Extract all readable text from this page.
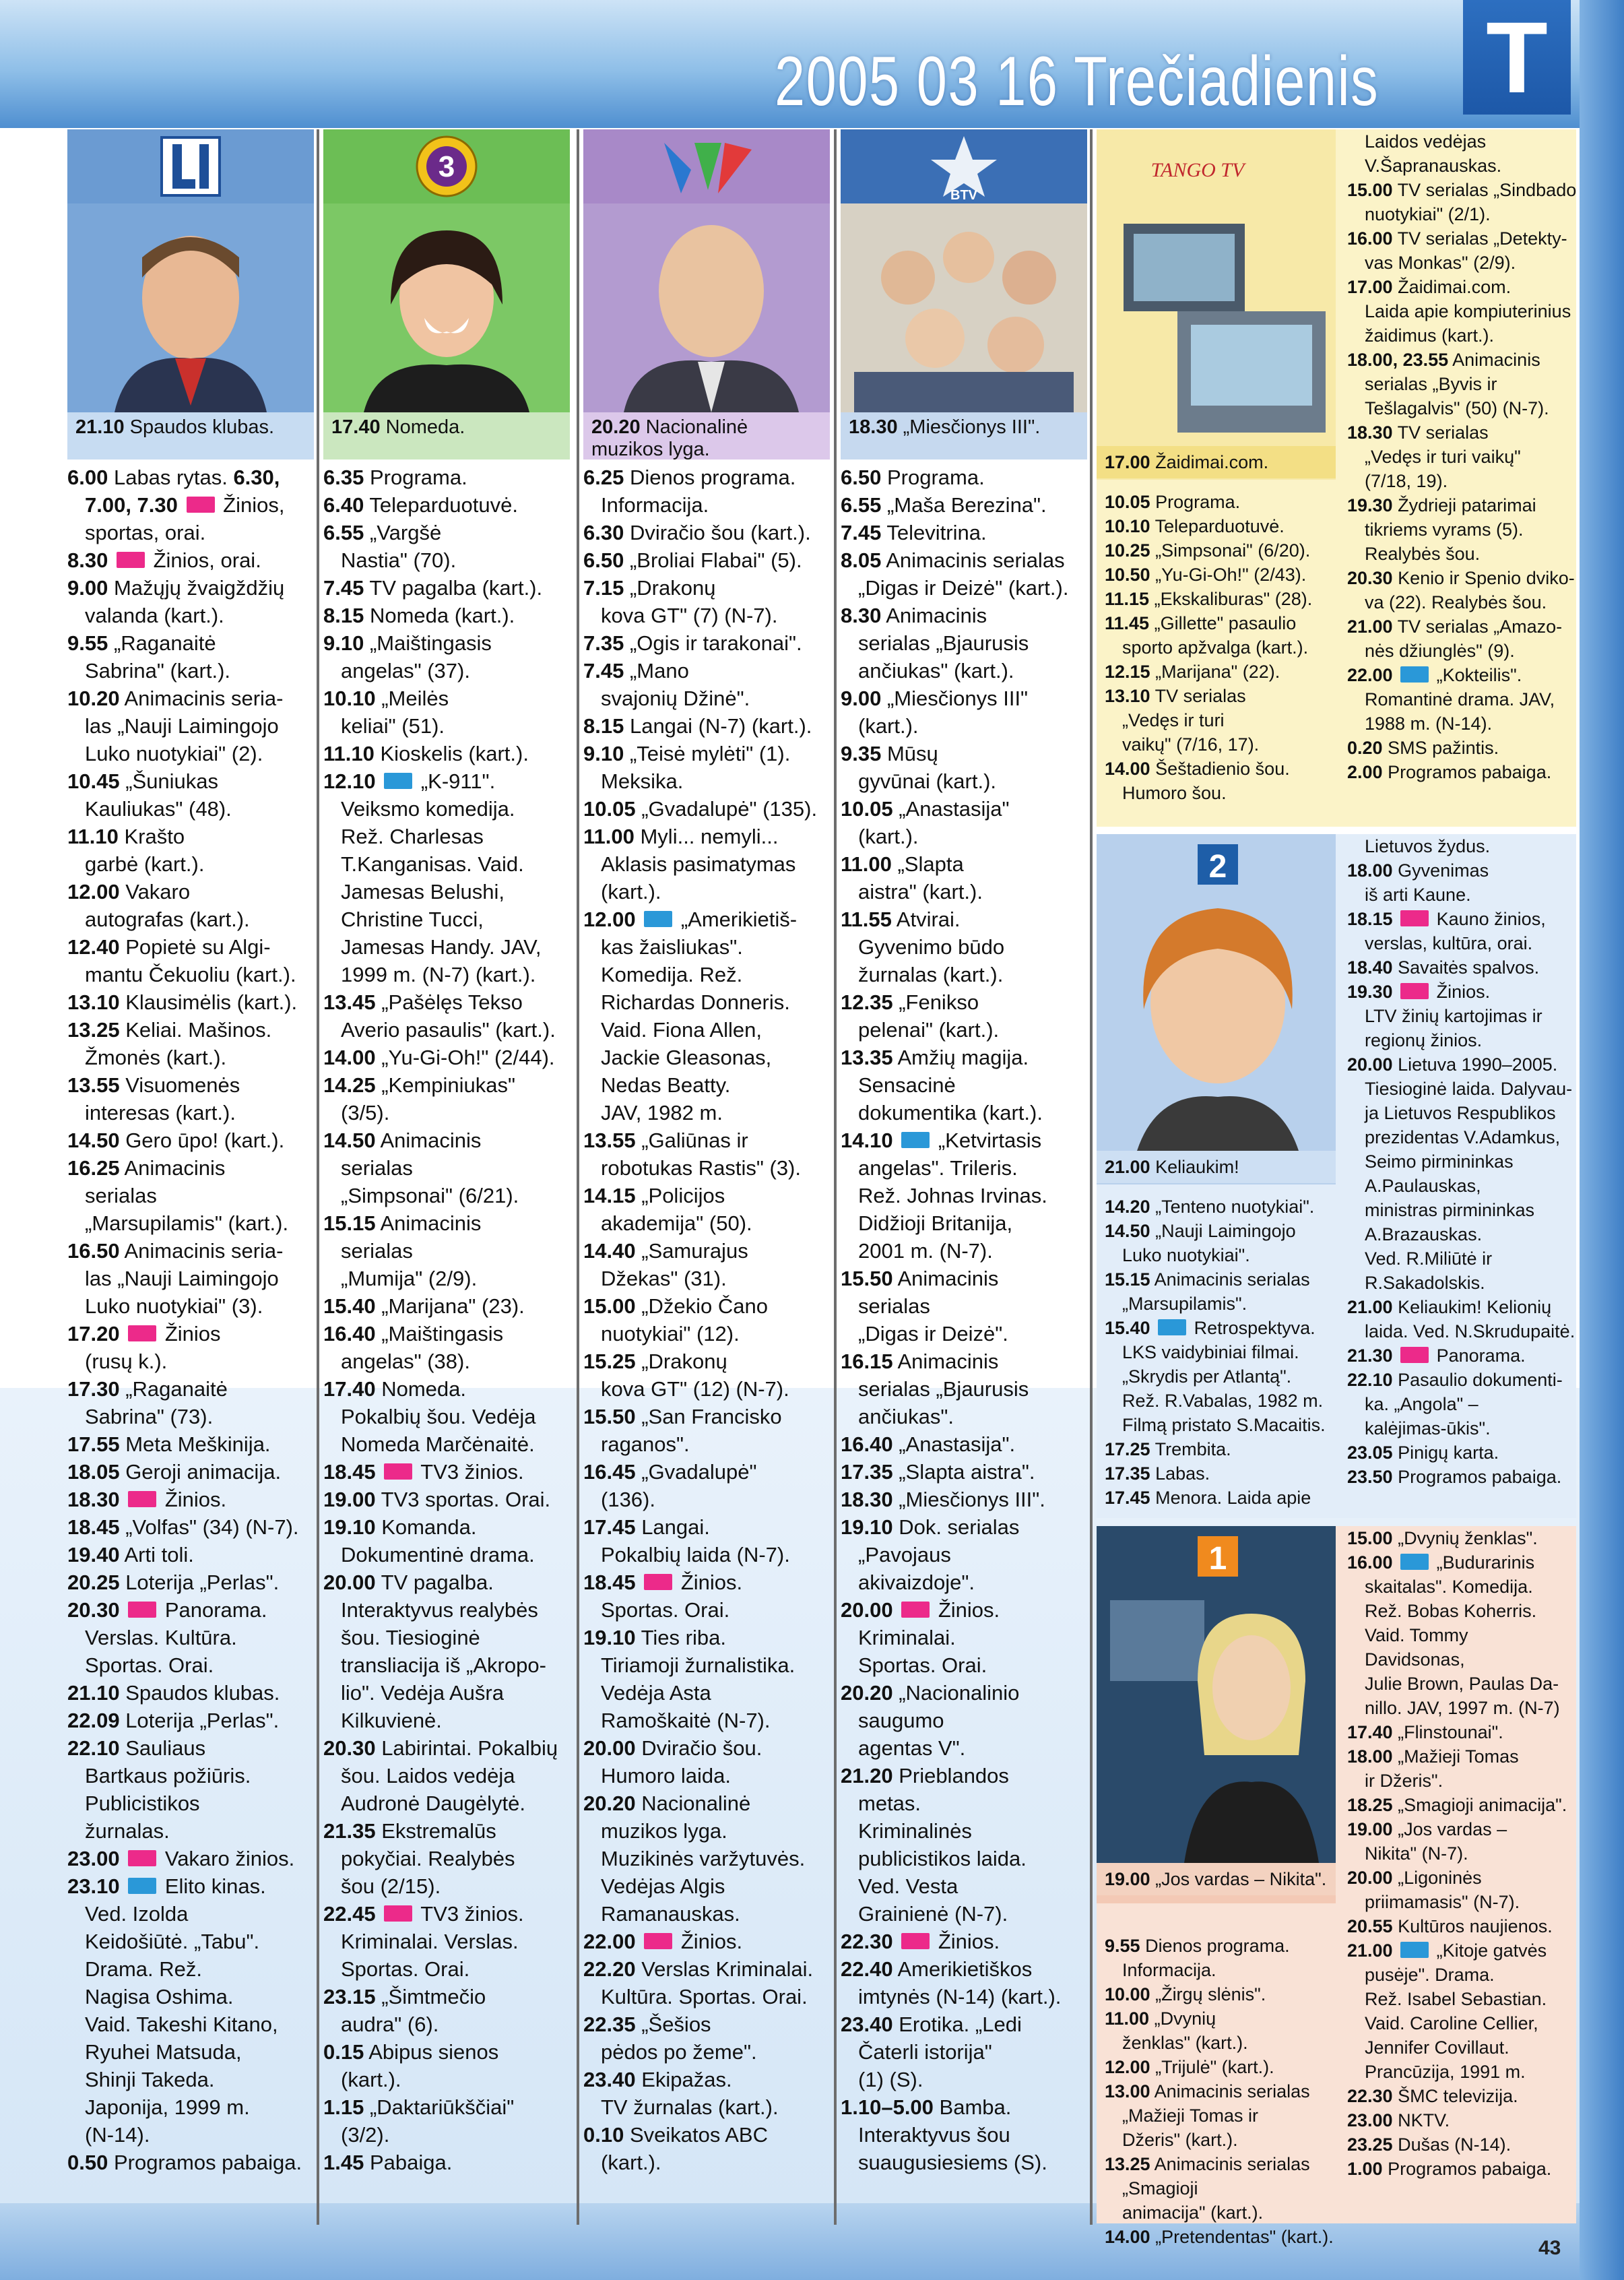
2005 03 16 Trečiadienis T
21.10 Spaudos klubas.
6.00 Labas rytas. 6.30,
7.00, 7.30  Žinios,
sportas, orai.
8.30  Žinios, orai.
9.00 Mažųjų žvaigždžių
valanda (kart.).
9.55 „Raganaitė
Sabrina" (kart.).
10.20 Animacinis seria-
las „Nauji Laimingojo
Luko nuotykiai" (2).
10.45 „Šuniukas
Kauliukas" (48).
11.10 Krašto
garbė (kart.).
12.00 Vakaro
autografas (kart.).
12.40 Popietė su Algi-
mantu Čekuoliu (kart.).
13.10 Klausimėlis (kart.).
13.25 Keliai. Mašinos.
Žmonės (kart.).
13.55 Visuomenės
interesas (kart.).
14.50 Gero ūpo! (kart.).
16.25 Animacinis
serialas
„Marsupilamis" (kart.).
16.50 Animacinis seria-
las „Nauji Laimingojo
Luko nuotykiai" (3).
17.20  Žinios
(rusų k.).
17.30 „Raganaitė
Sabrina" (73).
17.55 Meta Meškinija.
18.05 Geroji animacija.
18.30  Žinios.
18.45 „Volfas" (34) (N-7).
19.40 Arti toli.
20.25 Loterija „Perlas".
20.30  Panorama.
Verslas. Kultūra.
Sportas. Orai.
21.10 Spaudos klubas.
22.09 Loterija „Perlas".
22.10 Sauliaus
Bartkaus požiūris.
Publicistikos
žurnalas.
23.00  Vakaro žinios.
23.10  Elito kinas.
Ved. Izolda
Keidošiūtė. „Tabu".
Drama. Rež.
Nagisa Oshima.
Vaid. Takeshi Kitano,
Ryuhei Matsuda,
Shinji Takeda.
Japonija, 1999 m.
(N-14).
0.50 Programos pabaiga.
3
17.40 Nomeda.
6.35 Programa.
6.40 Teleparduotuvė.
6.55 „Vargšė
Nastia" (70).
7.45 TV pagalba (kart.).
8.15 Nomeda (kart.).
9.10 „Maištingasis
angelas" (37).
10.10 „Meilės
keliai" (51).
11.10 Kioskelis (kart.).
12.10  „K-911".
Veiksmo komedija.
Rež. Charlesas
T.Kanganisas. Vaid.
Jamesas Belushi,
Christine Tucci,
Jamesas Handy. JAV,
1999 m. (N-7) (kart.).
13.45 „Pašėlęs Tekso
Averio pasaulis" (kart.).
14.00 „Yu-Gi-Oh!" (2/44).
14.25 „Kempiniukas"
(3/5).
14.50 Animacinis
serialas
„Simpsonai" (6/21).
15.15 Animacinis
serialas
„Mumija" (2/9).
15.40 „Marijana" (23).
16.40 „Maištingasis
angelas" (38).
17.40 Nomeda.
Pokalbių šou. Vedėja
Nomeda Marčėnaitė.
18.45  TV3 žinios.
19.00 TV3 sportas. Orai.
19.10 Komanda.
Dokumentinė drama.
20.00 TV pagalba.
Interaktyvus realybės
šou. Tiesioginė
transliacija iš „Akropo-
lio". Vedėja Aušra
Kilkuvienė.
20.30 Labirintai. Pokalbių
šou. Laidos vedėja
Audronė Daugėlytė.
21.35 Ekstremalūs
pokyčiai. Realybės
šou (2/15).
22.45  TV3 žinios.
Kriminalai. Verslas.
Sportas. Orai.
23.15 „Šimtmečio
audra" (6).
0.15 Abipus sienos
(kart.).
1.15 „Daktariūkščiai"
(3/2).
1.45 Pabaiga.
20.20 Nacionalinė muzikos lyga.
6.25 Dienos programa.
Informacija.
6.30 Dviračio šou (kart.).
6.50 „Broliai Flabai" (5).
7.15 „Drakonų
kova GT" (7) (N-7).
7.35 „Ogis ir tarakonai".
7.45 „Mano
svajonių Džinė".
8.15 Langai (N-7) (kart.).
9.10 „Teisė mylėti" (1).
Meksika.
10.05 „Gvadalupė" (135).
11.00 Myli... nemyli...
Aklasis pasimatymas
(kart.).
12.00  „Amerikietiš-
kas žaisliukas".
Komedija. Rež.
Richardas Donneris.
Vaid. Fiona Allen,
Jackie Gleasonas,
Nedas Beatty.
JAV, 1982 m.
13.55 „Galiūnas ir
robotukas Rastis" (3).
14.15 „Policijos
akademija" (50).
14.40 „Samurajus
Džekas" (31).
15.00 „Džekio Čano
nuotykiai" (12).
15.25 „Drakonų
kova GT" (12) (N-7).
15.50 „San Francisko
raganos".
16.45 „Gvadalupė"
(136).
17.45 Langai.
Pokalbių laida (N-7).
18.45  Žinios.
Sportas. Orai.
19.10 Ties riba.
Tiriamoji žurnalistika.
Vedėja Asta
Ramoškaitė (N-7).
20.00 Dviračio šou.
Humoro laida.
20.20 Nacionalinė
muzikos lyga.
Muzikinės varžytuvės.
Vedėjas Algis
Ramanauskas.
22.00  Žinios.
22.20 Verslas Kriminalai.
Kultūra. Sportas. Orai.
22.35 „Šešios
pėdos po žeme".
23.40 Ekipažas.
TV žurnalas (kart.).
0.10 Sveikatos ABC
(kart.).
BTV
18.30 „Miesčionys III".
6.50 Programa.
6.55 „Maša Berezina".
7.45 Televitrina.
8.05 Animacinis serialas
„Digas ir Deizė" (kart.).
8.30 Animacinis
serialas „Bjaurusis
ančiukas" (kart.).
9.00 „Miesčionys III"
(kart.).
9.35 Mūsų
gyvūnai (kart.).
10.05 „Anastasija"
(kart.).
11.00 „Slapta
aistra" (kart.).
11.55 Atvirai.
Gyvenimo būdo
žurnalas (kart.).
12.35 „Fenikso
pelenai" (kart.).
13.35 Amžių magija.
Sensacinė
dokumentika (kart.).
14.10  „Ketvirtasis
angelas". Trileris.
Rež. Johnas Irvinas.
Didžioji Britanija,
2001 m. (N-7).
15.50 Animacinis
serialas
„Digas ir Deizė".
16.15 Animacinis
serialas „Bjaurusis
ančiukas".
16.40 „Anastasija".
17.35 „Slapta aistra".
18.30 „Miesčionys III".
19.10 Dok. serialas
„Pavojaus
akivaizdoje".
20.00  Žinios.
Kriminalai.
Sportas. Orai.
20.20 „Nacionalinio
saugumo
agentas V".
21.20 Prieblandos
metas.
Kriminalinės
publicistikos laida.
Ved. Vesta
Grainienė (N-7).
22.30  Žinios.
22.40 Amerikietiškos
imtynės (N-14) (kart.).
23.40 Erotika. „Ledi
Čaterli istorija"
(1) (S).
1.10–5.00 Bamba.
Interaktyvus šou
suaugusiesiems (S).
TANGO TV
17.00 Žaidimai.com.
10.05 Programa.
10.10 Teleparduotuvė.
10.25 „Simpsonai" (6/20).
10.50 „Yu-Gi-Oh!" (2/43).
11.15 „Ekskaliburas" (28).
11.45 „Gillette" pasaulio
sporto apžvalga (kart.).
12.15 „Marijana" (22).
13.10 TV serialas
„Vedęs ir turi
vaikų" (7/16, 17).
14.00 Šeštadienio šou.
Humoro šou.
Laidos vedėjas
V.Šapranauskas.
15.00 TV serialas „Sindbado
nuotykiai" (2/1).
16.00 TV serialas „Detekty-
vas Monkas" (2/9).
17.00 Žaidimai.com.
Laida apie kompiuterinius
žaidimus (kart.).
18.00, 23.55 Animacinis
serialas „Byvis ir
Tešlagalvis" (50) (N-7).
18.30 TV serialas
„Vedęs ir turi vaikų"
(7/18, 19).
19.30 Žydrieji patarimai
tikriems vyrams (5).
Realybės šou.
20.30 Kenio ir Spenio dviko-
va (22). Realybės šou.
21.00 TV serialas „Amazo-
nės džiunglės" (9).
22.00  „Kokteilis".
Romantinė drama. JAV,
1988 m. (N-14).
0.20 SMS pažintis.
2.00 Programos pabaiga.
2
21.00 Keliaukim!
14.20 „Tenteno nuotykiai".
14.50 „Nauji Laimingojo
Luko nuotykiai".
15.15 Animacinis serialas
„Marsupilamis".
15.40  Retrospektyva.
LKS vaidybiniai filmai.
„Skrydis per Atlantą".
Rež. R.Vabalas, 1982 m.
Filmą pristato S.Macaitis.
17.25 Trembita.
17.35 Labas.
17.45 Menora. Laida apie
Lietuvos žydus.
18.00 Gyvenimas
iš arti Kaune.
18.15  Kauno žinios,
verslas, kultūra, orai.
18.40 Savaitės spalvos.
19.30  Žinios.
LTV žinių kartojimas ir
regionų žinios.
20.00 Lietuva 1990–2005.
Tiesioginė laida. Dalyvau-
ja Lietuvos Respublikos
prezidentas V.Adamkus,
Seimo pirmininkas
A.Paulauskas,
ministras pirmininkas
A.Brazauskas.
Ved. R.Miliūtė ir
R.Sakadolskis.
21.00 Keliaukim! Kelionių
laida. Ved. N.Skrudupaitė.
21.30  Panorama.
22.10 Pasaulio dokumenti-
ka. „Angola" –
kalėjimas-ūkis".
23.05 Pinigų karta.
23.50 Programos pabaiga.
1
19.00 „Jos vardas – Nikita".
9.55 Dienos programa.
Informacija.
10.00 „Žirgų slėnis".
11.00 „Dvynių
ženklas" (kart.).
12.00 „Trijulė" (kart.).
13.00 Animacinis serialas
„Mažieji Tomas ir
Džeris" (kart.).
13.25 Animacinis serialas
„Smagioji
animacija" (kart.).
14.00 „Pretendentas" (kart.).
15.00 „Dvynių ženklas".
16.00  „Budurarinis
skaitalas". Komedija.
Rež. Bobas Koherris.
Vaid. Tommy
Davidsonas,
Julie Brown, Paulas Da-
nillo. JAV, 1997 m. (N-7)
17.40 „Flinstounai".
18.00 „Mažieji Tomas
ir Džeris".
18.25 „Smagioji animacija".
19.00 „Jos vardas –
Nikita" (N-7).
20.00 „Ligoninės
priimamasis" (N-7).
20.55 Kultūros naujienos.
21.00  „Kitoje gatvės
pusėje". Drama.
Rež. Isabel Sebastian.
Vaid. Caroline Cellier,
Jennifer Covillaut.
Prancūzija, 1991 m.
22.30 ŠMC televizija.
23.00 NKTV.
23.25 Dušas (N-14).
1.00 Programos pabaiga.
43
